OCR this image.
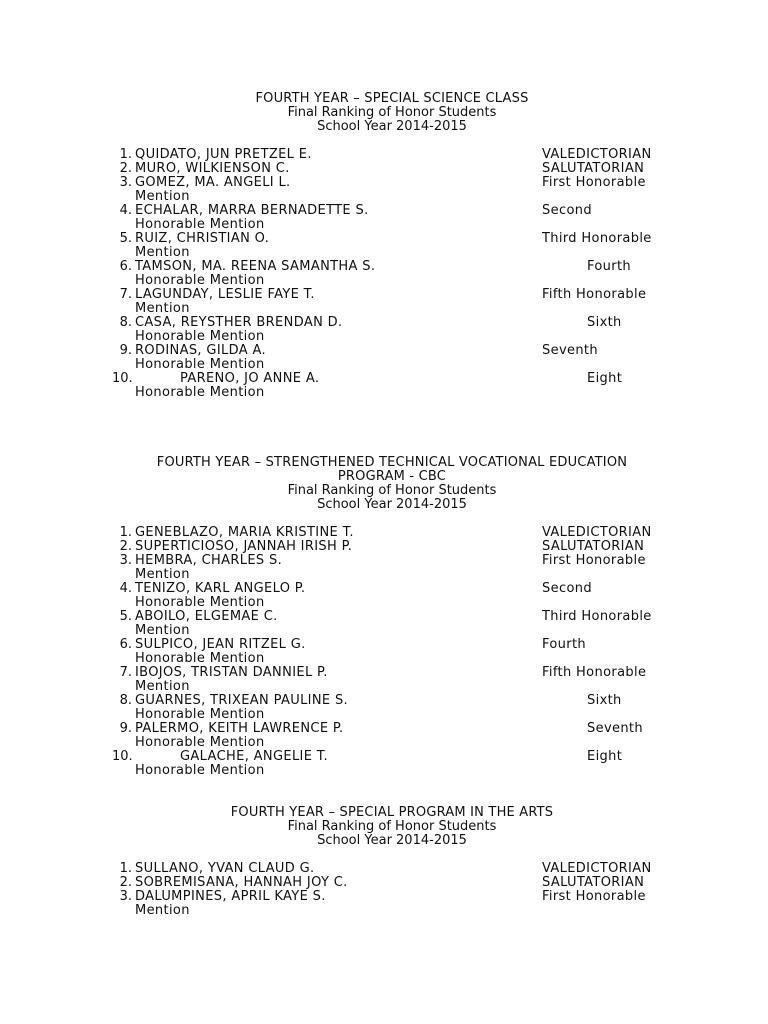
FOURTH YEAR – SPECIAL SCIENCE CLASS
Final Ranking of Honor Students
School Year 2014-2015
1. QUIDATO, JUN PRETZEL E.	VALEDICTORIAN
2. MURO, WILKIENSON C.	SALUTATORIAN
3. GOMEZ, MA. ANGELI L.	First Honorable
Mention
4. ECHALAR, MARRA BERNADETTE S.	Second
Honorable Mention
5. RUIZ, CHRISTIAN O.	Third Honorable
Mention
6. TAMSON, MA. REENA SAMANTHA S.	Fourth
Honorable Mention
7. LAGUNDAY, LESLIE FAYE T.	Fifth Honorable
Mention
8. CASA, REYSTHER BRENDAN D.	Sixth
Honorable Mention
9. RODINAS, GILDA A.	Seventh
Honorable Mention
10.	PARENO, JO ANNE A.	Eight
Honorable Mention
FOURTH YEAR – STRENGTHENED TECHNICAL VOCATIONAL EDUCATION
PROGRAM - CBC
Final Ranking of Honor Students
School Year 2014-2015
1. GENEBLAZO, MARIA KRISTINE T.	VALEDICTORIAN
2. SUPERTICIOSO, JANNAH IRISH P.	SALUTATORIAN
3. HEMBRA, CHARLES S.	First Honorable
Mention
4. TENIZO, KARL ANGELO P.	Second
Honorable Mention
5. ABOILO, ELGEMAE C.	Third Honorable
Mention
6. SULPICO, JEAN RITZEL G.	Fourth
Honorable Mention
7. IBOJOS, TRISTAN DANNIEL P.	Fifth Honorable
Mention
8. GUARNES, TRIXEAN PAULINE S.	Sixth
Honorable Mention
9. PALERMO, KEITH LAWRENCE P.	Seventh
Honorable Mention
10.	GALACHE, ANGELIE T.	Eight
Honorable Mention
FOURTH YEAR – SPECIAL PROGRAM IN THE ARTS
Final Ranking of Honor Students
School Year 2014-2015
1. SULLANO, YVAN CLAUD G.	VALEDICTORIAN
2. SOBREMISANA, HANNAH JOY C.	SALUTATORIAN
3. DALUMPINES, APRIL KAYE S.	First Honorable
Mention
